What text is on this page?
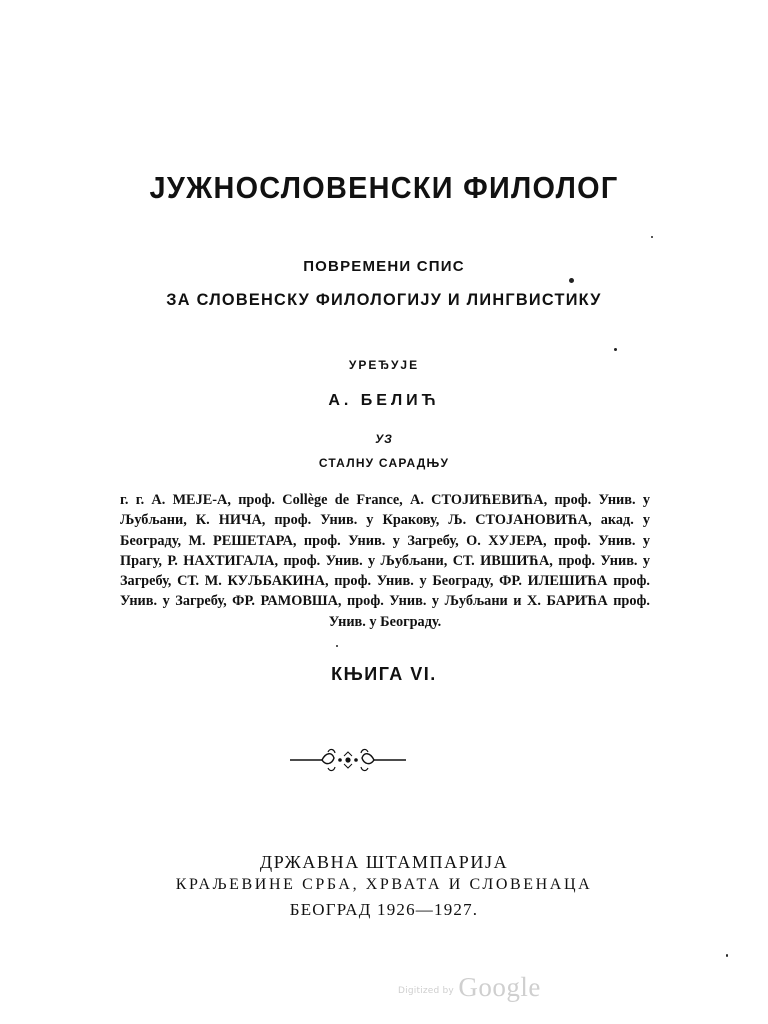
ЈУЖНОСЛОВЕНСКИ ФИЛОЛОГ
ПОВРЕМЕНИ СПИС
ЗА СЛОВЕНСКУ ФИЛОЛОГИЈУ И ЛИНГВИСТИКУ
УРЕЂУЈЕ
А. БЕЛИЋ
УЗ
СТАЛНУ САРАДЊУ
г. г. А. МЕЈЕ-А, проф. Collège de France, А. СТОЈИЋЕВИЋА, проф. Унив. у Љубљани, К. НИЧА, проф. Унив. у Кракову, Љ. СТОЈАНОВИЋА, акад. у Београду, М. РЕШЕТАРА, проф. Унив. у Загребу, О. ХУЈЕРА, проф. Унив. у Прагу, Р. НАХТИГАЛА, проф. Унив. у Љубљани, СТ. ИВШИЋА, проф. Унив. у Загребу, СТ. М. КУЉБАКИНА, проф. Унив. у Београду, ФР. ИЛЕШИЋА проф. Унив. у Загребу, ФР. РАМОВША, проф. Унив. у Љубљани и Х. БАРИЋА проф. Унив. у Београду.
КЊИГА VI.
ДРЖАВНА ШТАМПАРИЈА
КРАЉЕВИНЕ СРБА, ХРВАТА И СЛОВЕНАЦА
БЕОГРАД 1926—1927.
Digitized by Google
